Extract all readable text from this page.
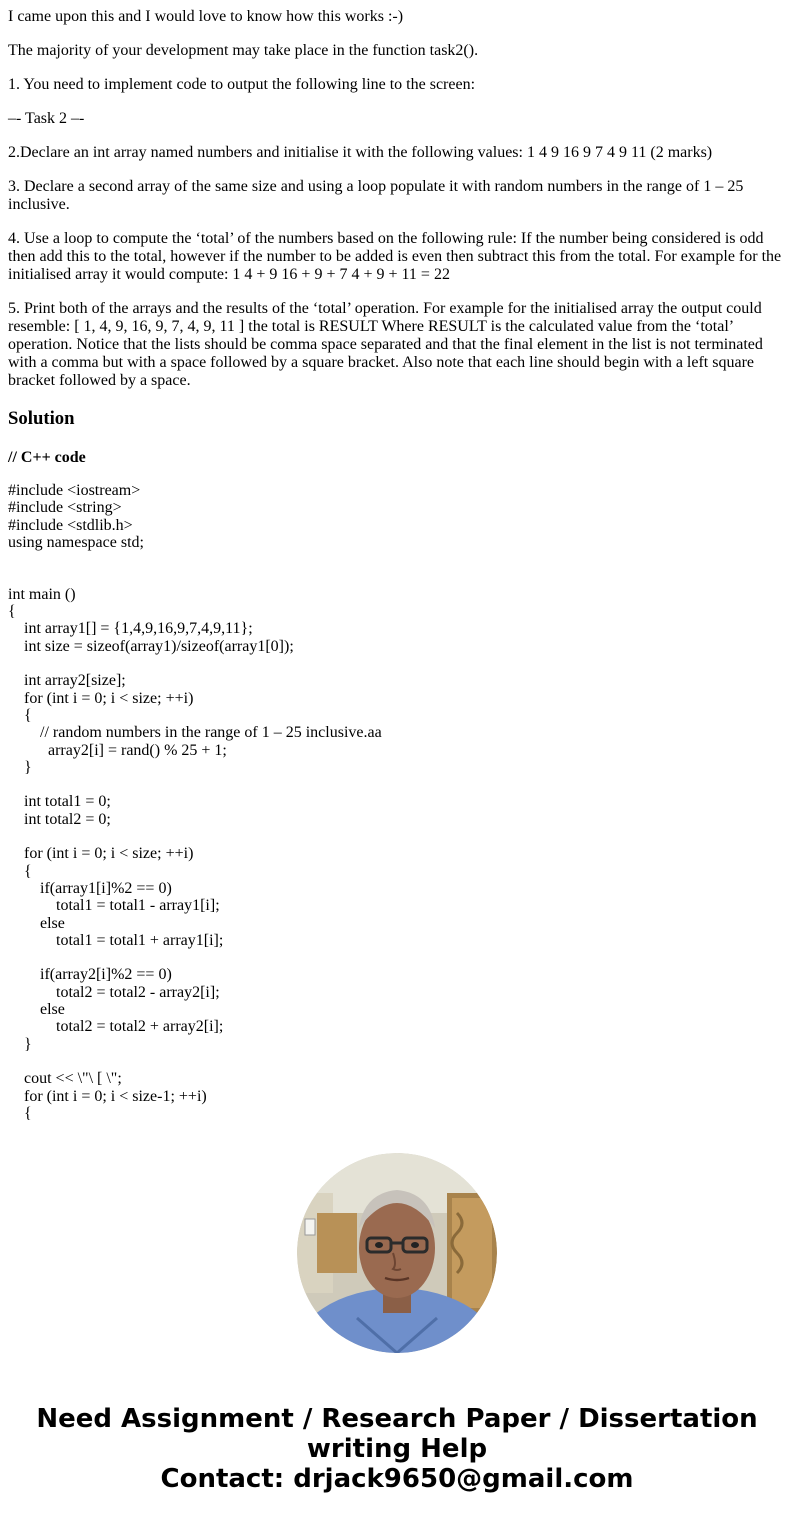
I came upon this and I would love to know how this works :-)

The majority of your development may take place in the function task2().

1. You need to implement code to output the following line to the screen:

–- Task 2 –-

2.Declare an int array named numbers and initialise it with the following values: 1 4 9 16 9 7 4 9 11 (2 marks)

3. Declare a second array of the same size and using a loop populate it with random numbers in the range of 1 – 25 inclusive.

4. Use a loop to compute the ‘total’ of the numbers based on the following rule: If the number being considered is odd then add this to the total, however if the number to be added is even then subtract this from the total. For example for the initialised array it would compute: 1 4 + 9 16 + 9 + 7 4 + 9 + 11 = 22

5. Print both of the arrays and the results of the ‘total’ operation. For example for the initialised array the output could resemble: [ 1, 4, 9, 16, 9, 7, 4, 9, 11 ] the total is RESULT Where RESULT is the calculated value from the ‘total’ operation. Notice that the lists should be comma space separated and that the final element in the list is not terminated with a comma but with a space followed by a square bracket. Also note that each line should begin with a left square bracket followed by a space.

Solution

// C++ code

#include <iostream>
#include <string>
#include <stdlib.h>
using namespace std;
int main ()
{
int array1[] = {1,4,9,16,9,7,4,9,11};
int size = sizeof(array1)/sizeof(array1[0]);
int array2[size];
for (int i = 0; i < size; ++i)
{
// random numbers in the range of 1 – 25 inclusive.aa
array2[i] = rand() % 25 + 1;
}
int total1 = 0;
int total2 = 0;
for (int i = 0; i < size; ++i)
{
if(array1[i]%2 == 0)
total1 = total1 - array1[i];
else
total1 = total1 + array1[i];
if(array2[i]%2 == 0)
total2 = total2 - array2[i];
else
total2 = total2 + array2[i];
}
cout << \"\ [ \";
for (int i = 0; i < size-1; ++i)
{
Need Assignment / Research Paper / Dissertation
writing Help
Contact: drjack9650@gmail.com
